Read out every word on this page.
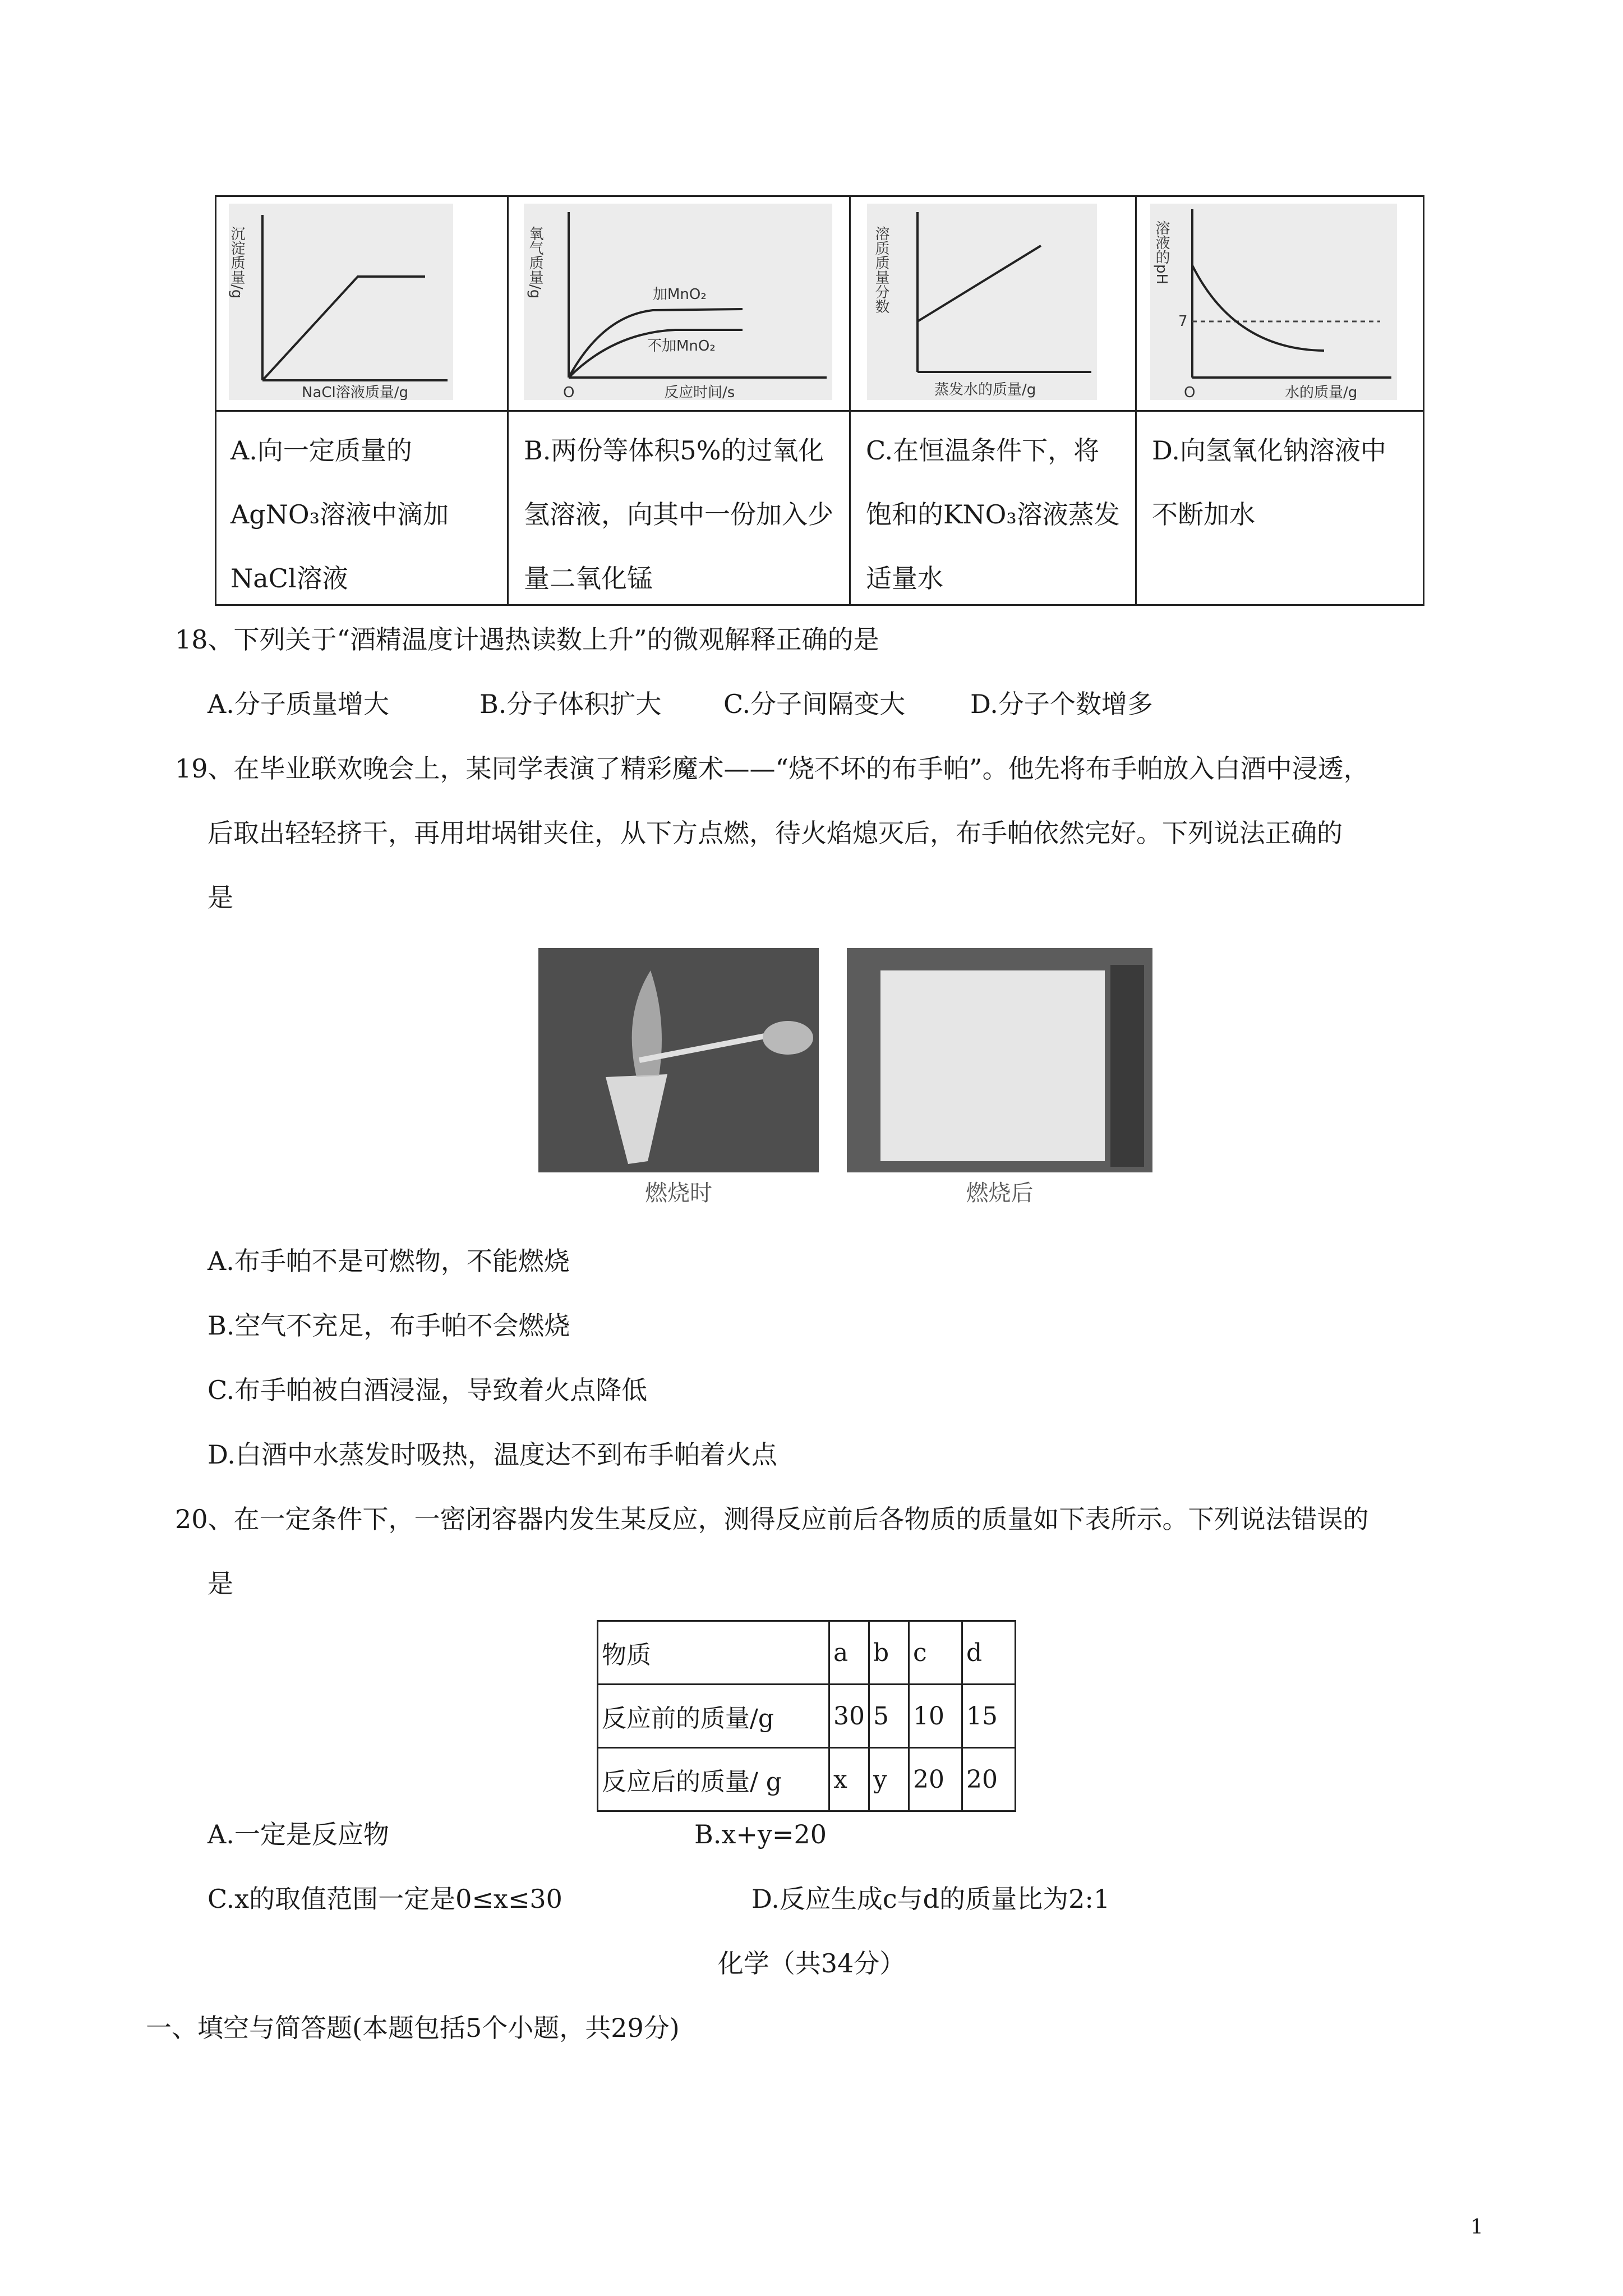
沉淀质量/g
NaCl溶液质量/g
氧气质量/g
O
加MnO₂
不加MnO₂
反应时间/s
溶质质量分数
蒸发水的质量/g
溶液的pH
7
O	水的质量/g
A.向一定质量的AgNO₃溶液中滴加NaCl溶液
B.两份等体积5%的过氧化氢溶液，向其中一份加入少量二氧化锰
C.在恒温条件下，将饱和的KNO₃溶液蒸发适量水
D.向氢氧化钠溶液中不断加水
18、下列关于“酒精温度计遇热读数上升”的微观解释正确的是
A.分子质量增大	B.分子体积扩大 C.分子间隔变大	D.分子个数增多
19、在毕业联欢晚会上，某同学表演了精彩魔术——“烧不坏的布手帕”。他先将布手帕放入白酒中浸透，
后取出轻轻挤干，再用坩埚钳夹住，从下方点燃，待火焰熄灭后，布手帕依然完好。下列说法正确的
是
燃烧时	燃烧后
A.布手帕不是可燃物，不能燃烧
B.空气不充足，布手帕不会燃烧
C.布手帕被白酒浸湿，导致着火点降低
D.白酒中水蒸发时吸热，温度达不到布手帕着火点
20、在一定条件下，一密闭容器内发生某反应，测得反应前后各物质的质量如下表所示。下列说法错误的
是
物质	a	b	c	d
反应前的质量/g	30	5	10	15
反应后的质量/ g	x	y	20	20
A.一定是反应物	B.x+y=20
C.x的取值范围一定是0≤x≤30	D.反应生成c与d的质量比为2:1
化学（共34分）
一、填空与简答题(本题包括5个小题，共29分)
1
